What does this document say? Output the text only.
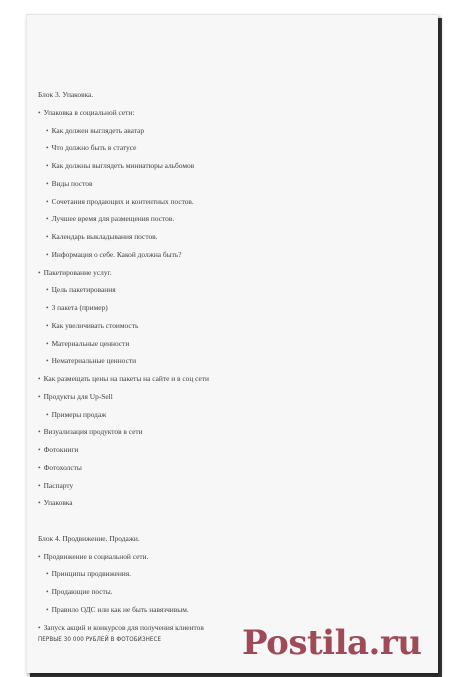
Блок 3. Упаковка.
• Упаковка в социальной сети:
• Как должен выглядеть аватар
• Что должно быть в статусе
• Как должны выглядеть миниатюры альбомов
• Виды постов
• Сочетания продающих и контентных постов.
• Лучшее время для размещения постов.
• Календарь выкладывания постов.
• Информация о себе. Какой должна быть?
• Пакетирование услуг.
• Цель пакетирования
• 3 пакета (пример)
• Как увеличивать стоимость
• Материальные ценности
• Нематериальные ценности
• Как размещать цены на пакеты на сайте и в соц сети
• Продукты для Up-Sell
• Примеры продаж
• Визуализация продуктов в сети
• Фотокниги
• Фотохолсты
• Паспарту
• Упаковка
Блок 4. Продвижение. Продажи.
• Продвижение в социальной сети.
• Принципы продвижения.
• Продающие посты.
• Правило ОДС или как не быть навязчивым.
• Запуск акций и конкурсов для получения клиентов
ПЕРВЫЕ 30 000 РУБЛЕЙ В ФОТОБИЗНЕСЕ Postila.ru
